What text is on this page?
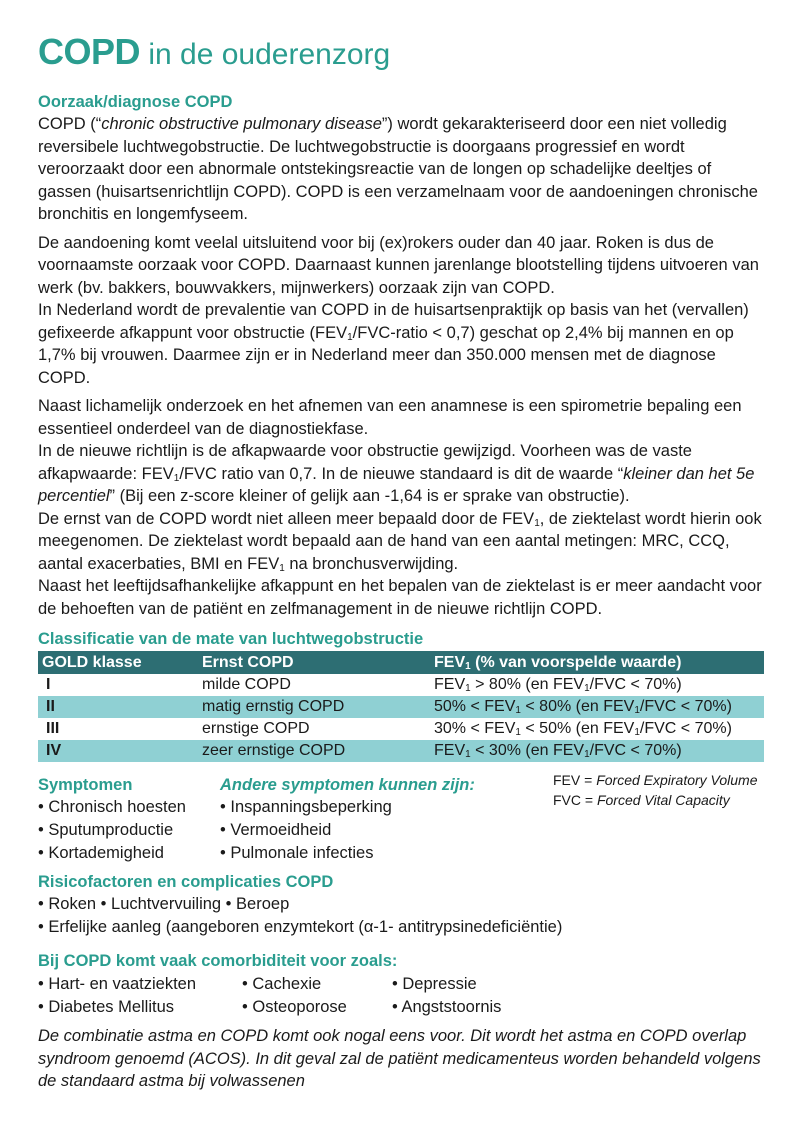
COPD in de ouderenzorg

Oorzaak/diagnose COPD

COPD (“chronic obstructive pulmonary disease”) wordt gekarakteriseerd door een niet volledig reversibele luchtwegobstructie. De luchtwegobstructie is doorgaans progressief en wordt veroorzaakt door een abnormale ontstekingsreactie van de longen op schadelijke deeltjes of gassen (huisartsenrichtlijn COPD). COPD is een verzamelnaam voor de aandoeningen chronische bronchitis en longemfyseem.

De aandoening komt veelal uitsluitend voor bij (ex)rokers ouder dan 40 jaar. Roken is dus de voornaamste oorzaak voor COPD. Daarnaast kunnen jarenlange blootstelling tijdens uitvoeren van werk (bv. bakkers, bouwvakkers, mijnwerkers) oorzaak zijn van COPD.

In Nederland wordt de prevalentie van COPD in de huisartsenpraktijk op basis van het (vervallen) gefixeerde afkappunt voor obstructie ($FEV_1/FVC$-ratio < 0,7) geschat op 2,4% bij mannen en op 1,7% bij vrouwen. Daarmee zijn er in Nederland meer dan 350.000 mensen met de diagnose COPD.

Naast lichamelijk onderzoek en het afnemen van een anamnese is een spirometrie bepaling een essentieel onderdeel van de diagnostiekfase.

In de nieuwe richtlijn is de afkapwaarde voor obstructie gewijzigd. Voorheen was de vaste afkapwaarde: $FEV_1$/FVC ratio van 0,7. In de nieuwe standaard is dit de waarde “kleiner dan het 5e percentiel” (Bij een z-score kleiner of gelijk aan -1,64 is er sprake van obstructie).

De ernst van de COPD wordt niet alleen meer bepaald door de $FEV_1$, de ziektelast wordt hierin ook meegenomen. De ziektelast wordt bepaald aan de hand van een aantal metingen: MRC, CCQ, aantal exacerbaties, BMI en $FEV_1$ na bronchusverwijding.

Naast het leeftijdsafhankelijke afkappunt en het bepalen van de ziektelast is er meer aandacht voor de behoeften van de patiënt en zelfmanagement in de nieuwe richtlijn COPD.

Classificatie van de mate van luchtwegobstructie

GOLD klasse	Ernst COPD	$FEV_1$ (% van voorspelde waarde)
I	milde COPD	$FEV_1 > 80\%$ (en $FEV_1$/FVC < 70%)
II	matig ernstig COPD	$50\% < FEV_1 < 80\%$ (en $FEV_1$/FVC < 70%)
III	ernstige COPD	$30\% < FEV_1 < 50\%$ (en $FEV_1$/FVC < 70%)
IV	zeer ernstige COPD	$FEV_1 < 30\%$ (en $FEV_1$/FVC < 70%)

Symptomen

• Chronisch hoesten
• Sputumproductie
• Kortademigheid

Andere symptomen kunnen zijn:

• Inspanningsbeperking
• Vermoeidheid
• Pulmonale infecties

FEV = Forced Expiratory Volume

FVC = Forced Vital Capacity

Risicofactoren en complicaties COPD

• Roken • Luchtvervuiling • Beroep

• Erfelijke aanleg (aangeboren enzymtekort (α-1- antitrypsinedeficiëntie)

Bij COPD komt vaak comorbiditeit voor zoals:

• Hart- en vaatziekten
• Diabetes Mellitus
• Cachexie
• Osteoporose
• Depressie
• Angststoornis

De combinatie astma en COPD komt ook nogal eens voor. Dit wordt het astma en COPD overlap syndroom genoemd (ACOS). In dit geval zal de patiënt medicamenteus worden behandeld volgens de standaard astma bij volwassenen
